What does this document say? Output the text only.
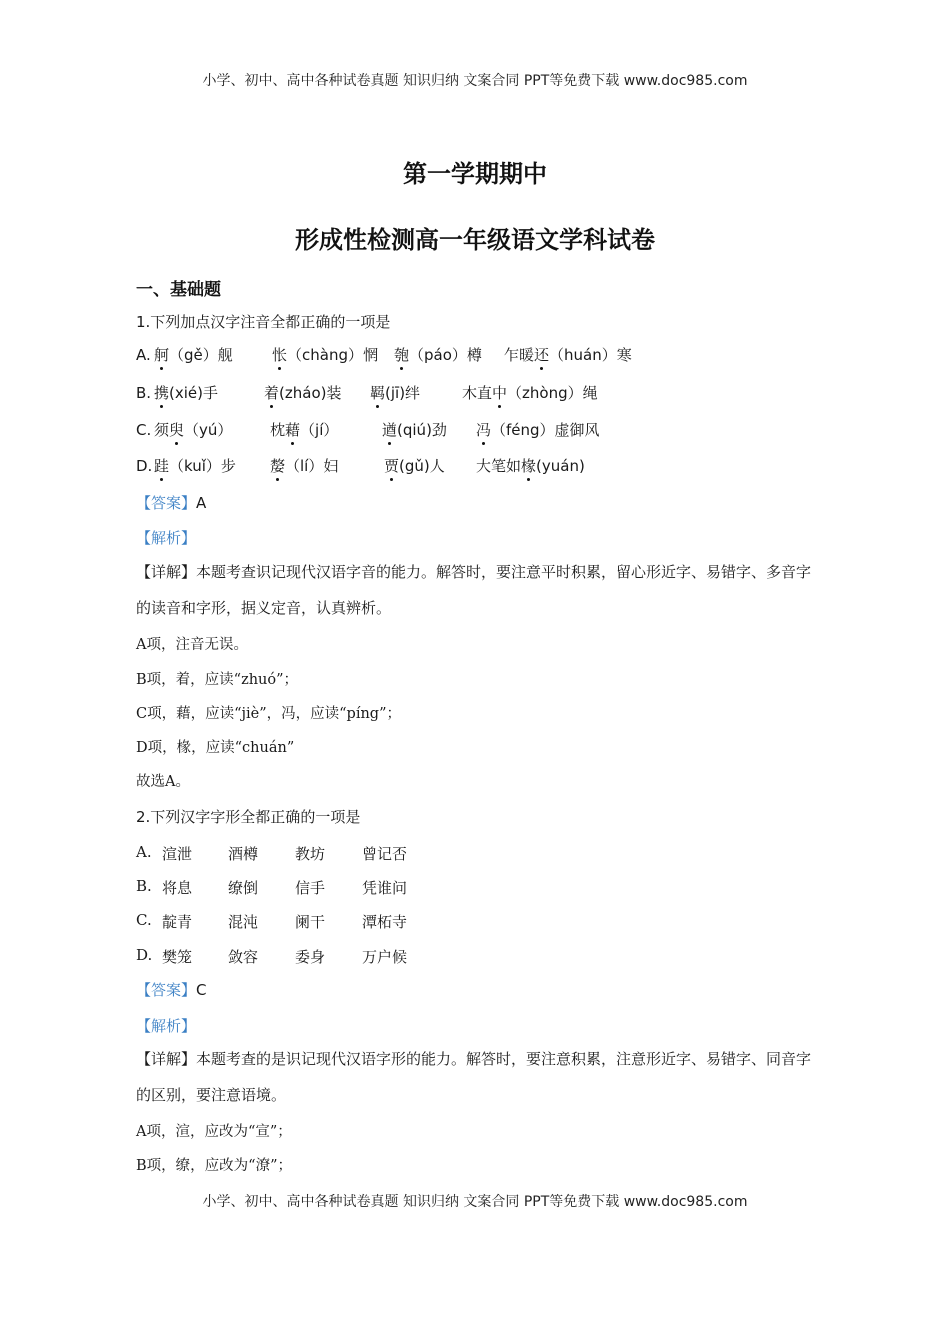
小学、初中、高中各种试卷真题 知识归纳 文案合同 PPT等免费下载 www.doc985.com
第一学期期中
形成性检测高一年级语文学科试卷
一、基础题
1.下列加点汉字注音全都正确的一项是
A. 舸（gě）舰	怅（chàng）惘 匏（páo）樽 乍暖还（huán）寒
B. 携(xié)手	着(zháo)装 羁(jī)绊	木直中（zhòng）绳
C. 须臾（yú）	枕藉（jí）	遒(qiú)劲 冯（féng）虚御风
D. 跬（kuǐ）步 嫠（lí）妇	贾(gǔ)人 大笔如椽(yuán)
【答案】A
【解析】
【详解】本题考查识记现代汉语字音的能力。解答时，要注意平时积累，留心形近字、易错字、多音字的读音和字形，据义定音，认真辨析。
A项，注音无误。
B项，着，应读“zhuó”；
C项，藉，应读“jiè”，冯，应读“píng”；
D项，椽，应读“chuán”
故选A。
2.下列汉字字形全都正确的一项是
A. 渲泄 酒樽 教坊 曾记否
B. 将息 缭倒 信手 凭谁问
C. 靛青 混沌 阑干 潭柘寺
D. 樊笼 敛容 委身 万户候
【答案】C
【解析】
【详解】本题考查的是识记现代汉语字形的能力。解答时，要注意积累，注意形近字、易错字、同音字的区别，要注意语境。
A项，渲，应改为“宣”；
B项，缭，应改为“潦”；
小学、初中、高中各种试卷真题 知识归纳 文案合同 PPT等免费下载 www.doc985.com
